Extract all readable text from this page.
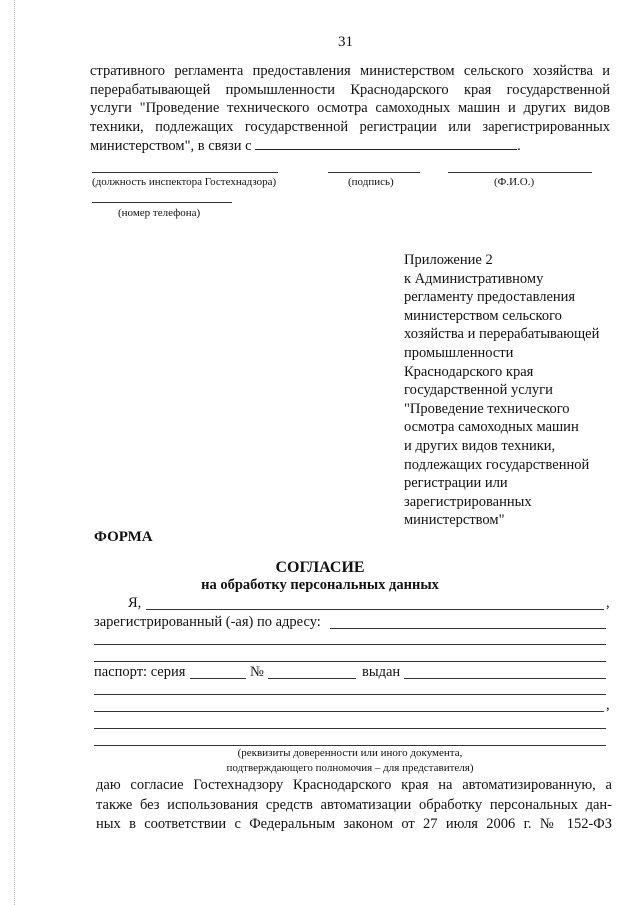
31
стративного регламента предоставления министерством сельского хозяйства и
перерабатывающей промышленности Краснодарского края государственной
услуги "Проведение технического осмотра самоходных машин и других видов
техники, подлежащих государственной регистрации или зарегистрированных
министерством", в связи с	.
(должность инспектора Гостехнадзора)	(подпись)	(Ф.И.О.)
(номер телефона)
Приложение 2
к Административному
регламенту предоставления
министерством сельского
хозяйства и перерабатывающей
промышленности
Краснодарского края
государственной услуги
"Проведение технического
осмотра самоходных машин
и других видов техники,
подлежащих государственной
регистрации или
зарегистрированных
министерством"
ФОРМА
СОГЛАСИЕ
на обработку персональных данных
Я,	,
зарегистрированный (-ая) по адресу:
паспорт: серия	№	выдан
,
(реквизиты доверенности или иного документа,
подтверждающего полномочия – для представителя)
даю согласие Гостехнадзору Краснодарского края на автоматизированную, а
также без использования средств автоматизации обработку персональных дан-
ных в соответствии с Федеральным законом от 27 июля 2006 г. № 152-ФЗ
